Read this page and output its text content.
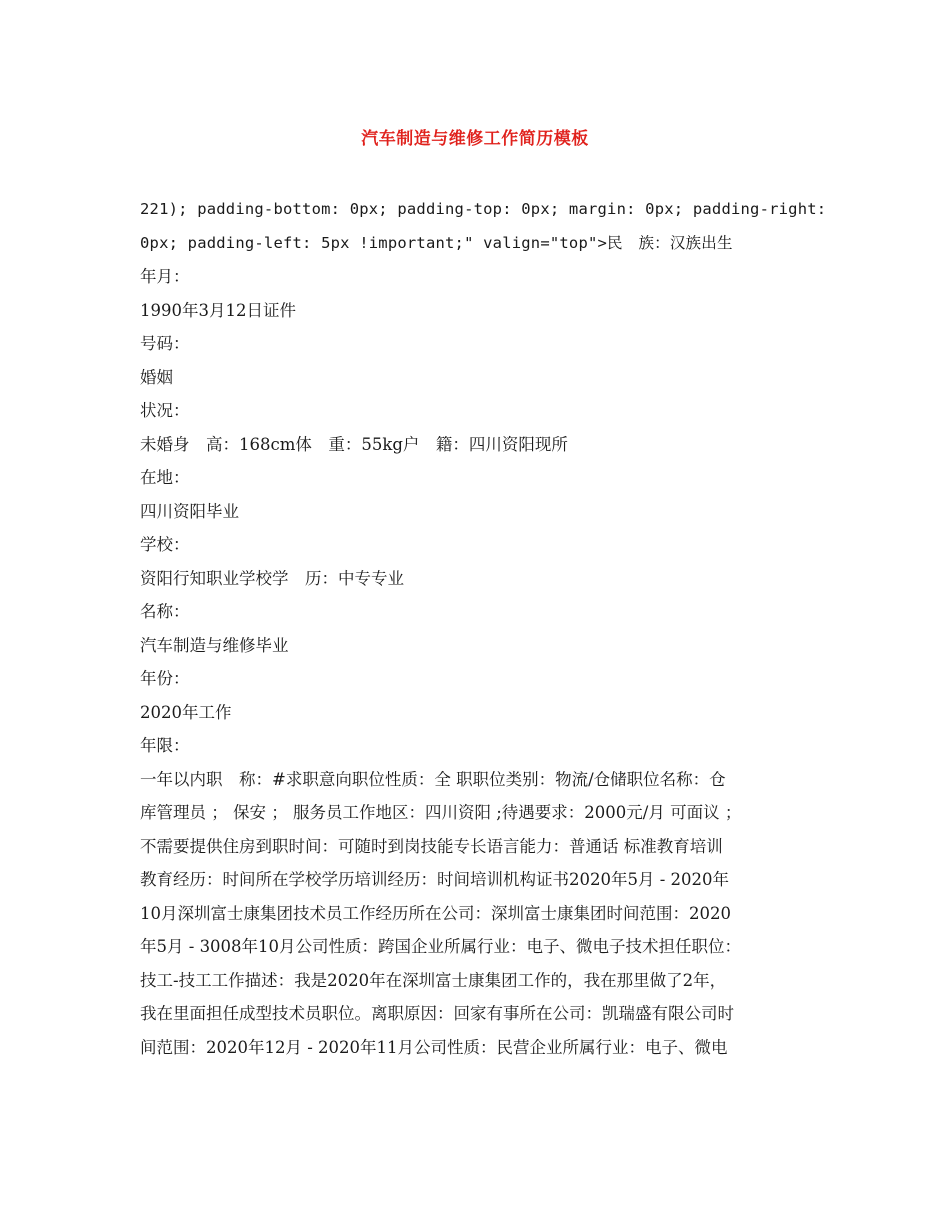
汽车制造与维修工作简历模板
221); padding-bottom: 0px; padding-top: 0px; margin: 0px; padding-right:
0px; padding-left: 5px !important;" valign="top">民　族：汉族出生
年月：
1990年3月12日证件
号码：
婚姻
状况：
未婚身　高：168cm体　重：55kg户　籍：四川资阳现所
在地：
四川资阳毕业
学校：
资阳行知职业学校学　历：中专专业
名称：
汽车制造与维修毕业
年份：
2020年工作
年限：
一年以内职　称：#求职意向职位性质：全 职职位类别：物流/仓储职位名称：仓
库管理员 ； 保安 ； 服务员工作地区：四川资阳 ;待遇要求：2000元/月 可面议 ；
不需要提供住房到职时间：可随时到岗技能专长语言能力：普通话 标准教育培训
教育经历：时间所在学校学历培训经历：时间培训机构证书2020年5月 - 2020年
10月深圳富士康集团技术员工作经历所在公司：深圳富士康集团时间范围：2020
年5月 - 3008年10月公司性质：跨国企业所属行业：电子、微电子技术担任职位：
技工-技工工作描述：我是2020年在深圳富士康集团工作的，我在那里做了2年，
我在里面担任成型技术员职位。离职原因：回家有事所在公司：凯瑞盛有限公司时
间范围：2020年12月 - 2020年11月公司性质：民营企业所属行业：电子、微电
